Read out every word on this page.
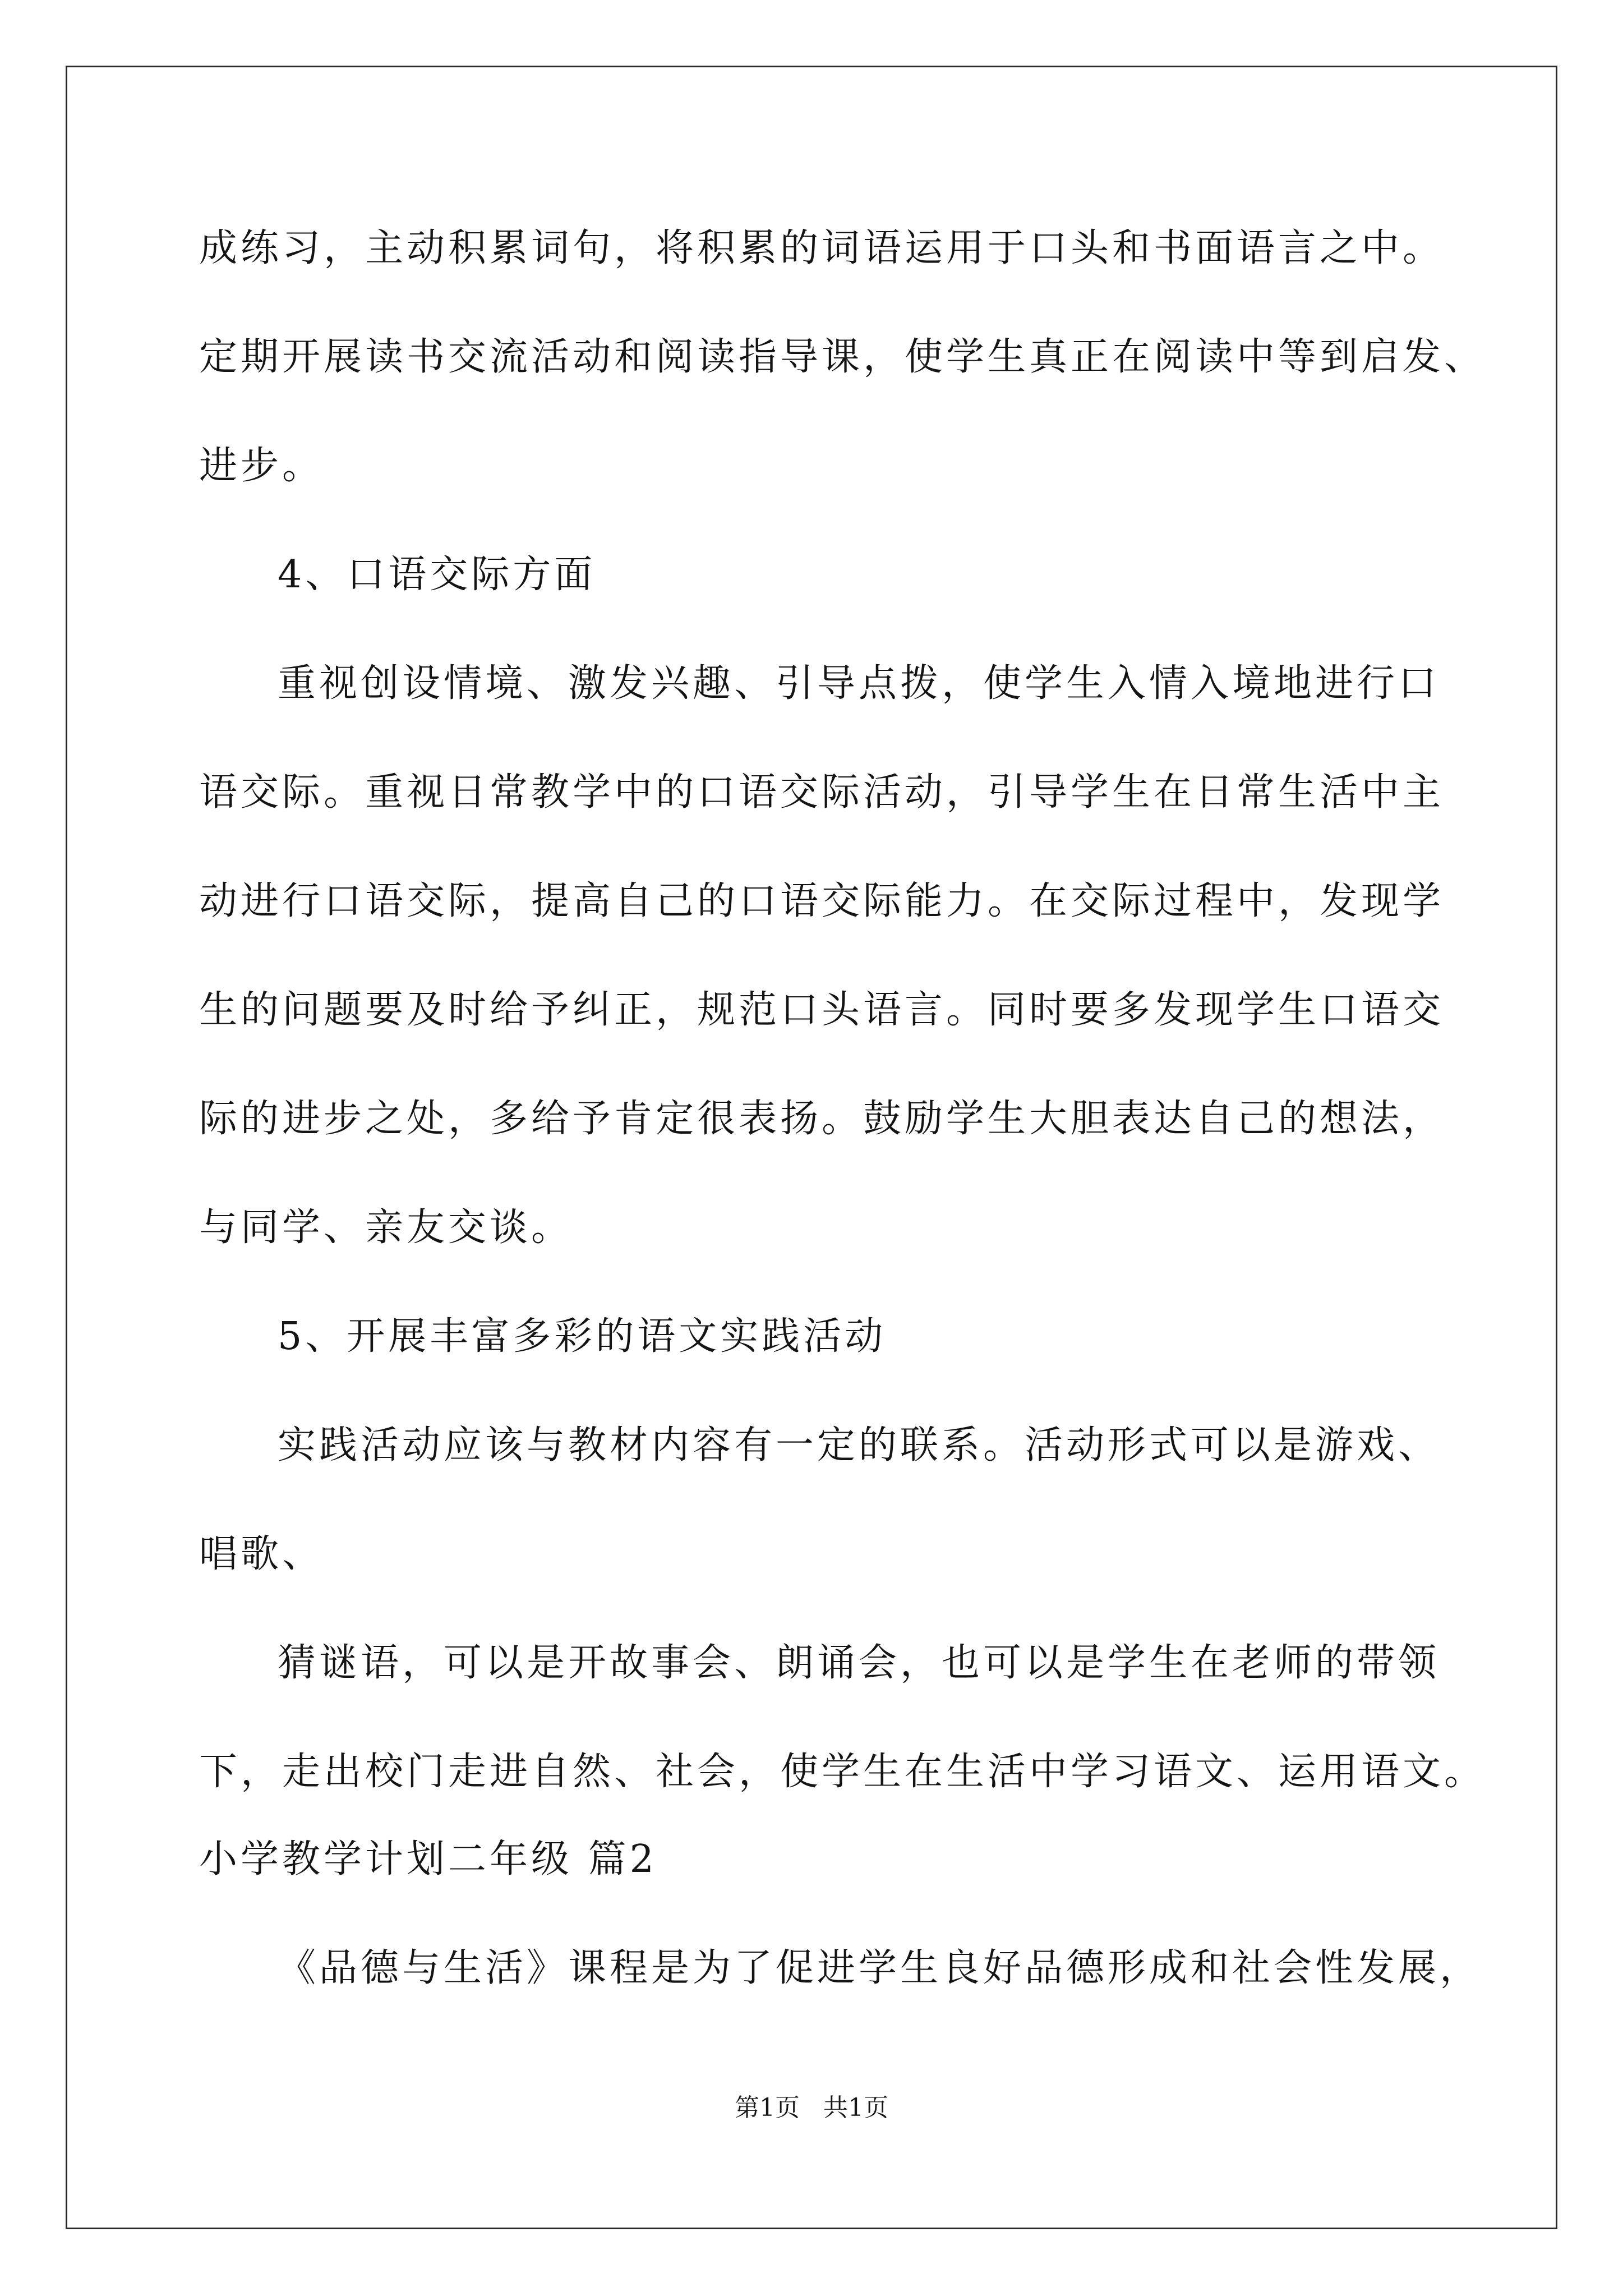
成练习，主动积累词句，将积累的词语运用于口头和书面语言之中。
定期开展读书交流活动和阅读指导课，使学生真正在阅读中等到启发、
进步。
4、口语交际方面
重视创设情境、激发兴趣、引导点拨，使学生入情入境地进行口
语交际。重视日常教学中的口语交际活动，引导学生在日常生活中主
动进行口语交际，提高自己的口语交际能力。在交际过程中，发现学
生的问题要及时给予纠正，规范口头语言。同时要多发现学生口语交
际的进步之处，多给予肯定很表扬。鼓励学生大胆表达自己的想法，
与同学、亲友交谈。
5、开展丰富多彩的语文实践活动
实践活动应该与教材内容有一定的联系。活动形式可以是游戏、
唱歌、
猜谜语，可以是开故事会、朗诵会，也可以是学生在老师的带领
下，走出校门走进自然、社会，使学生在生活中学习语文、运用语文。
小学教学计划二年级 篇2
《品德与生活》课程是为了促进学生良好品德形成和社会性发展，
第1页 共1页
